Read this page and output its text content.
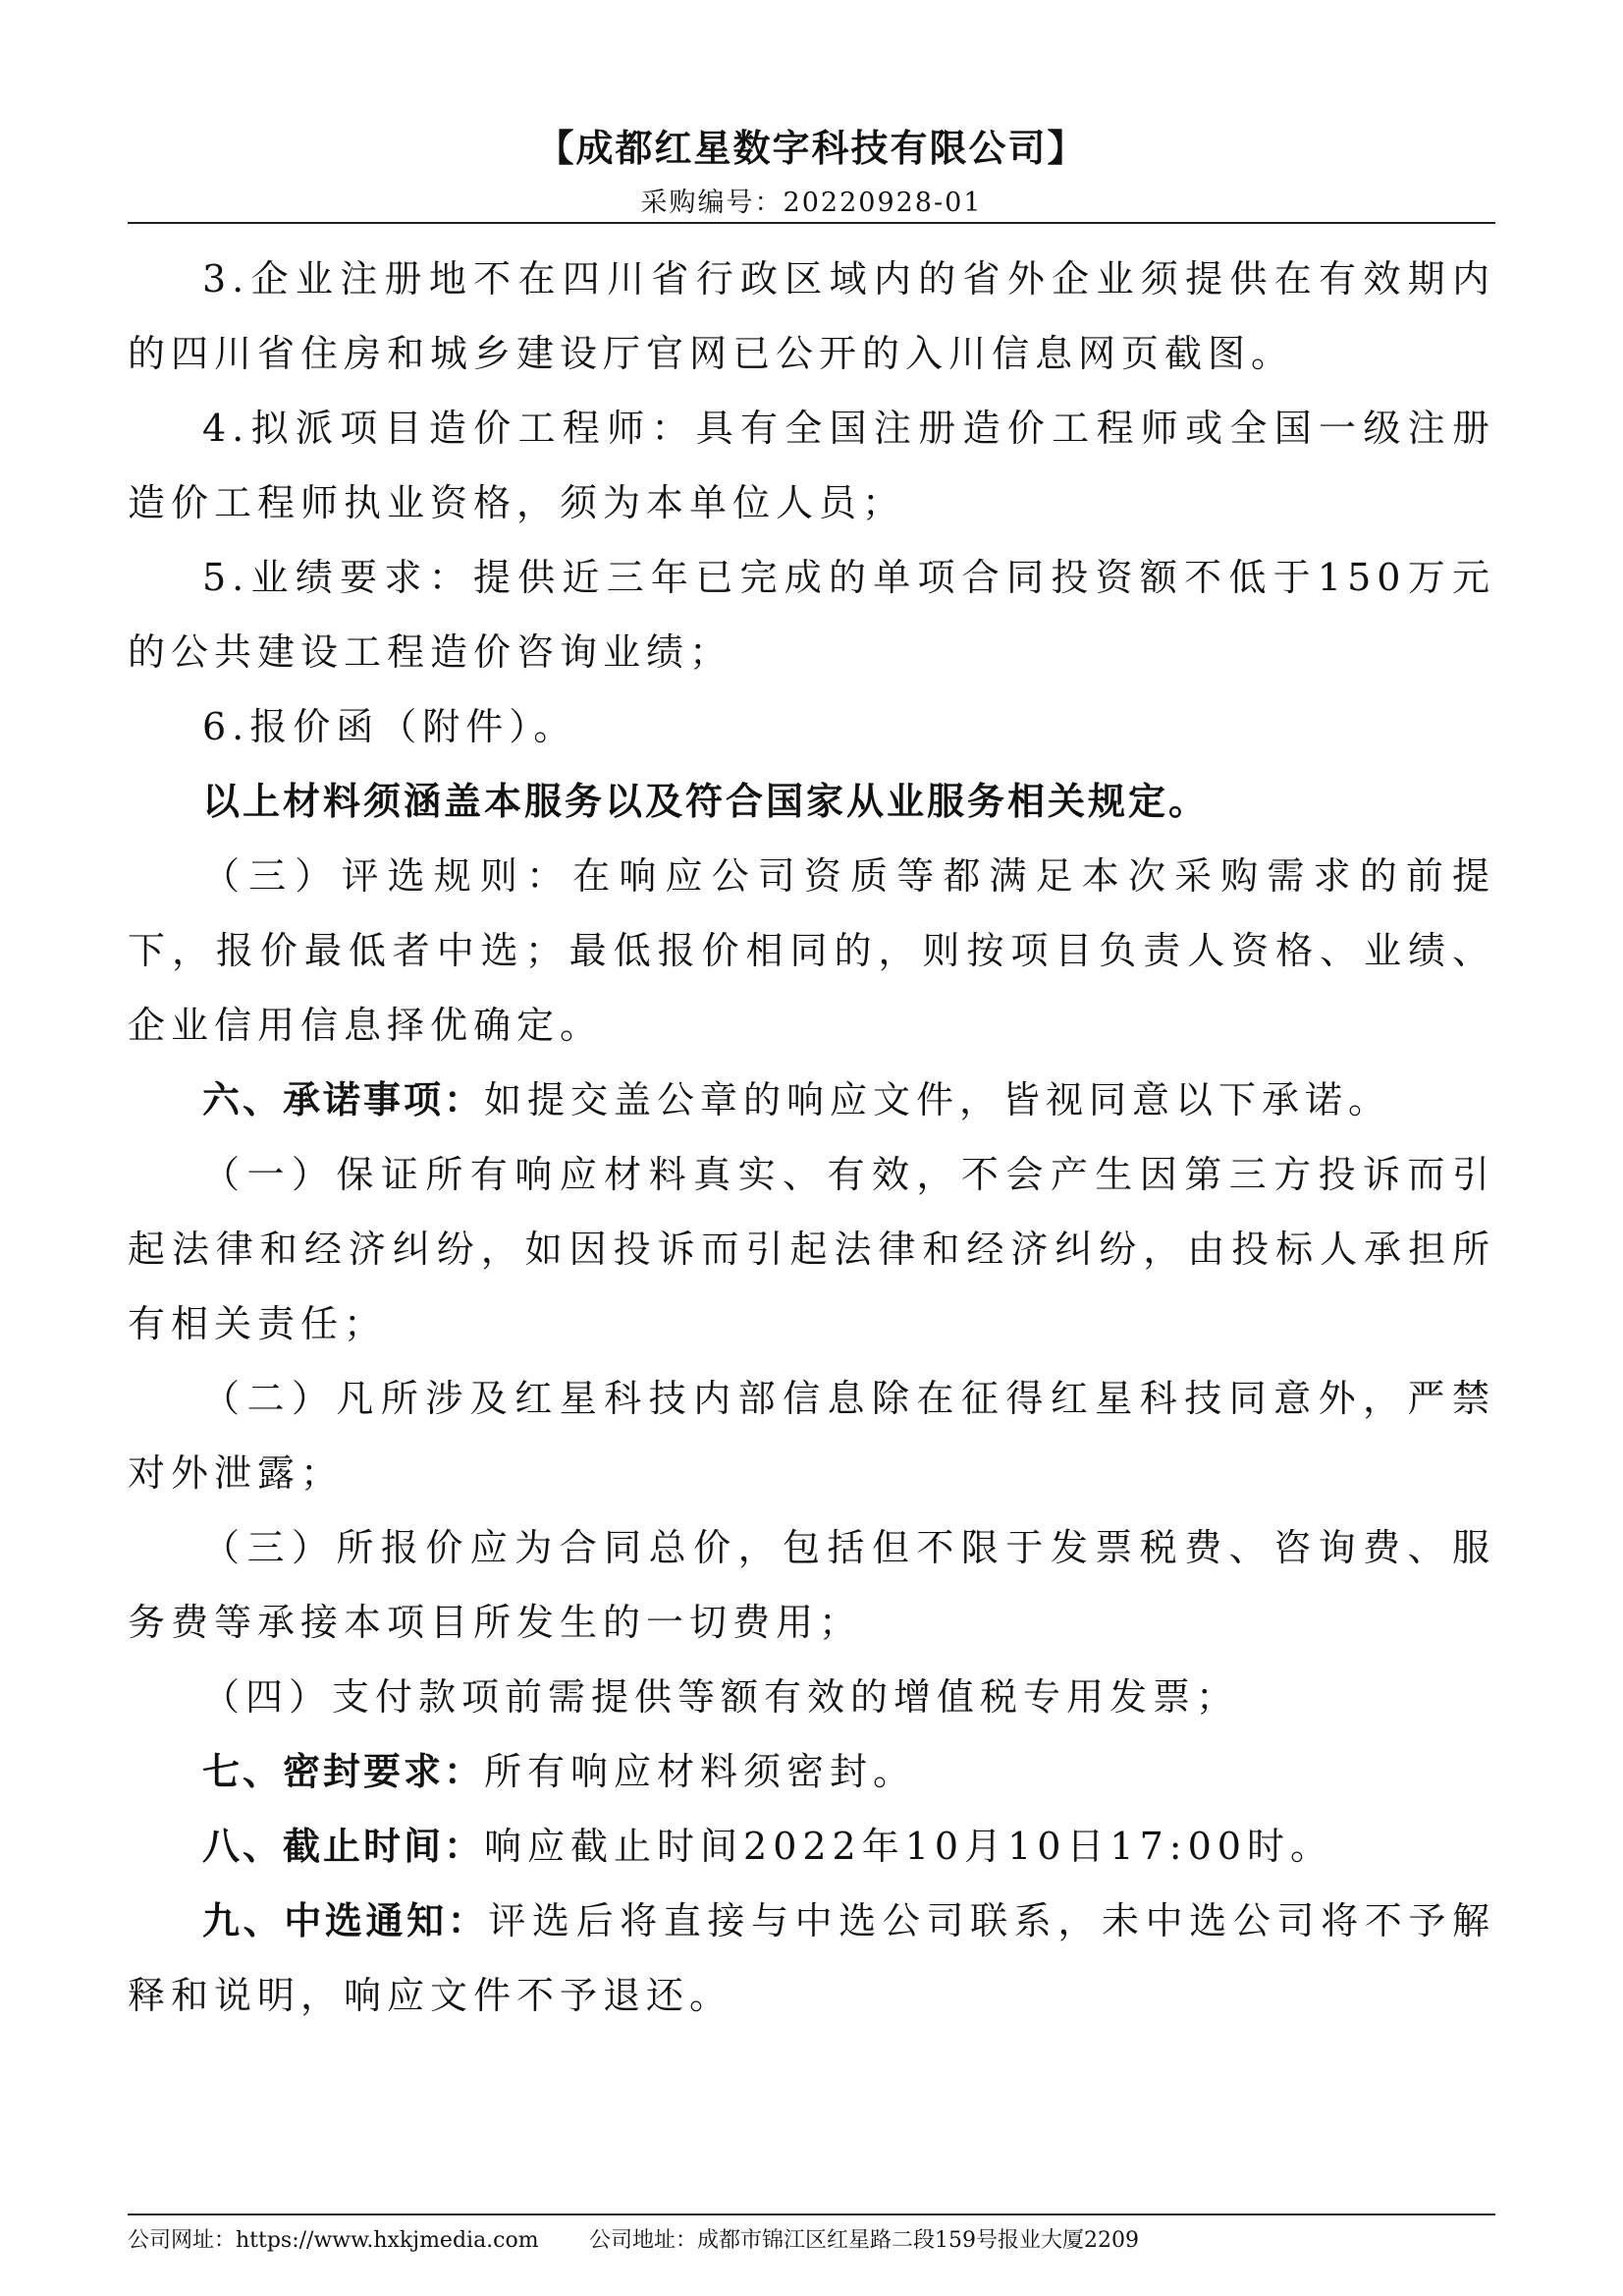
【成都红星数字科技有限公司】
采购编号：20220928-01

3.企业注册地不在四川省行政区域内的省外企业须提供在有效期内的四川省住房和城乡建设厅官网已公开的入川信息网页截图。

4.拟派项目造价工程师：具有全国注册造价工程师或全国一级注册造价工程师执业资格，须为本单位人员；

5.业绩要求：提供近三年已完成的单项合同投资额不低于150万元的公共建设工程造价咨询业绩；

6.报价函（附件）。

以上材料须涵盖本服务以及符合国家从业服务相关规定。

（三）评选规则：在响应公司资质等都满足本次采购需求的前提下，报价最低者中选；最低报价相同的，则按项目负责人资格、业绩、企业信用信息择优确定。

六、承诺事项：如提交盖公章的响应文件，皆视同意以下承诺。

（一）保证所有响应材料真实、有效，不会产生因第三方投诉而引起法律和经济纠纷，如因投诉而引起法律和经济纠纷，由投标人承担所有相关责任；

（二）凡所涉及红星科技内部信息除在征得红星科技同意外，严禁对外泄露；

（三）所报价应为合同总价，包括但不限于发票税费、咨询费、服务费等承接本项目所发生的一切费用；

（四）支付款项前需提供等额有效的增值税专用发票；

七、密封要求：所有响应材料须密封。

八、截止时间：响应截止时间2022年10月10日17:00时。

九、中选通知：评选后将直接与中选公司联系，未中选公司将不予解释和说明，响应文件不予退还。

公司网址：https://www.hxkjmedia.com 公司地址：成都市锦江区红星路二段159号报业大厦2209
